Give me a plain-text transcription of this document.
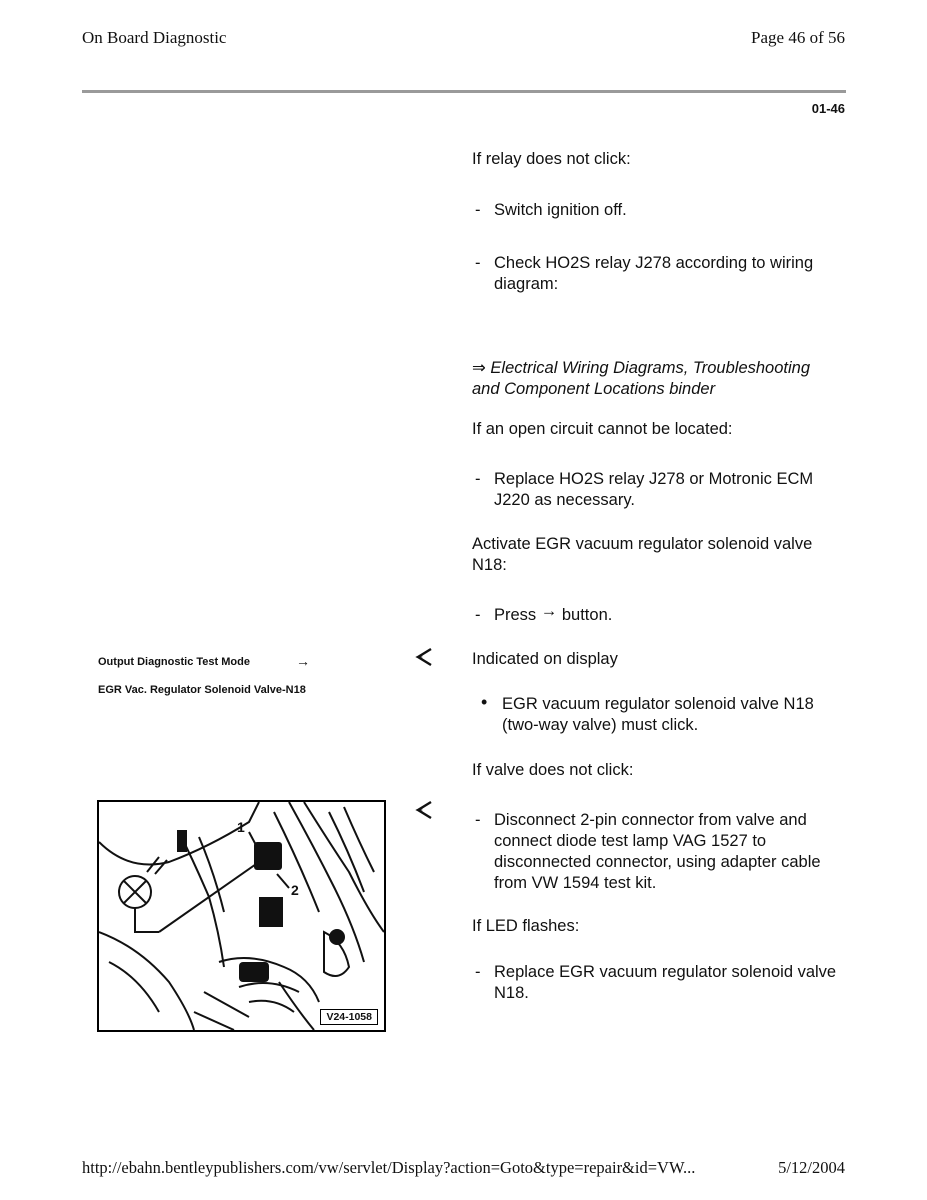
On Board Diagnostic	Page 46 of 56
01-46
If relay does not click:
- Switch ignition off.
- Check HO2S relay J278 according to wiring
diagram:
⇒ Electrical Wiring Diagrams, Troubleshooting
and Component Locations binder
If an open circuit cannot be located:
- Replace HO2S relay J278 or Motronic ECM
J220 as necessary.
Activate EGR vacuum regulator solenoid valve
N18:
- Press → button.
Indicated on display
Output Diagnostic Test Mode	→
EGR Vac. Regulator Solenoid Valve-N18
• EGR vacuum regulator solenoid valve N18
(two-way valve) must click.
If valve does not click:
- Disconnect 2-pin connector from valve and
connect diode test lamp VAG 1527 to
disconnected connector, using adapter cable
from VW 1594 test kit.
If LED flashes:
- Replace EGR vacuum regulator solenoid valve
N18.
1
2
V24-1058
http://ebahn.bentleypublishers.com/vw/servlet/Display?action=Goto&type=repair&id=VW...	5/12/2004
